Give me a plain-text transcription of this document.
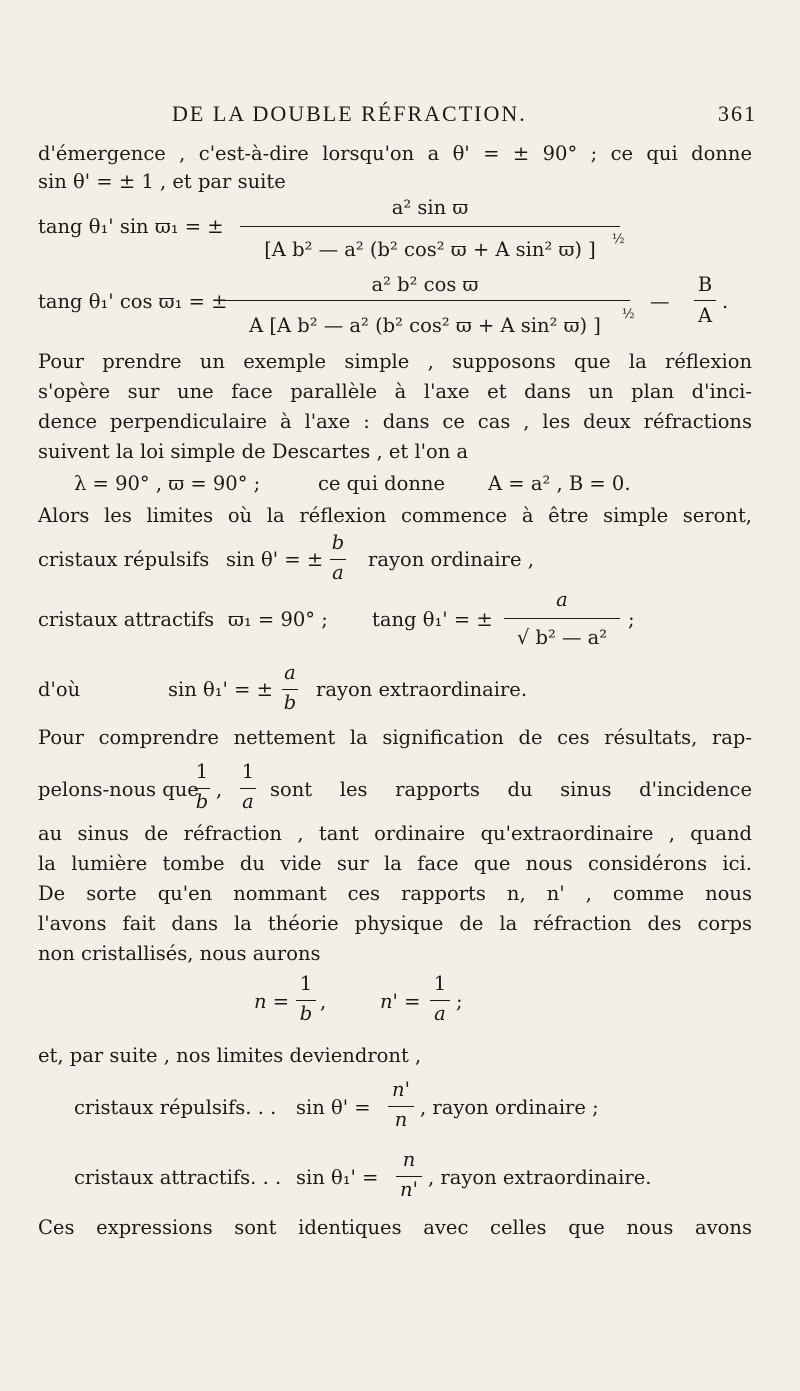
DE LA DOUBLE RÉFRACTION.	361
d'émergence , c'est-à-dire lorsqu'on a θ' = ± 90° ; ce qui donne
sin θ' = ± 1 , et par suite
tang θ₁' sin ϖ₁ = ±
a² sin ϖ
[A b² — a² (b² cos² ϖ + A sin² ϖ) ]	½
tang θ₁' cos ϖ₁ = ±
a² b² cos ϖ
A [A b² — a² (b² cos² ϖ + A sin² ϖ) ]	½
—
B
A
.
Pour prendre un exemple simple , supposons que la réflexion
s'opère sur une face parallèle à l'axe et dans un plan d'inci-
dence perpendiculaire à l'axe : dans ce cas , les deux réfractions
suivent la loi simple de Descartes , et l'on a
λ = 90° , ϖ = 90° ;	ce qui donne A = a² , B = 0.
Alors les limites où la réflexion commence à être simple seront,
cristaux répulsifs sin θ' = ±
b
a
rayon ordinaire ,
cristaux attractifs ϖ₁ = 90° ; tang θ₁' = ±
a
√ b² — a²
;
d'où	sin θ₁' = ±
a
b
rayon extraordinaire.
Pour comprendre nettement la signification de ces résultats, rap-
pelons-nous que
1
b
,
1
a
sont les rapports du sinus d'incidence
au sinus de réfraction , tant ordinaire qu'extraordinaire , quand
la lumière tombe du vide sur la face que nous considérons ici.
De sorte qu'en nommant ces rapports n, n' , comme nous
l'avons fait dans la théorie physique de la réfraction des corps
non cristallisés, nous aurons
n =
1
b
,	n' =
1
a
;
et, par suite , nos limites deviendront ,
cristaux répulsifs. . . sin θ' =
n'
n
, rayon ordinaire ;
cristaux attractifs. . . sin θ₁' =
n
n'
, rayon extraordinaire.
Ces expressions sont identiques avec celles que nous avons
